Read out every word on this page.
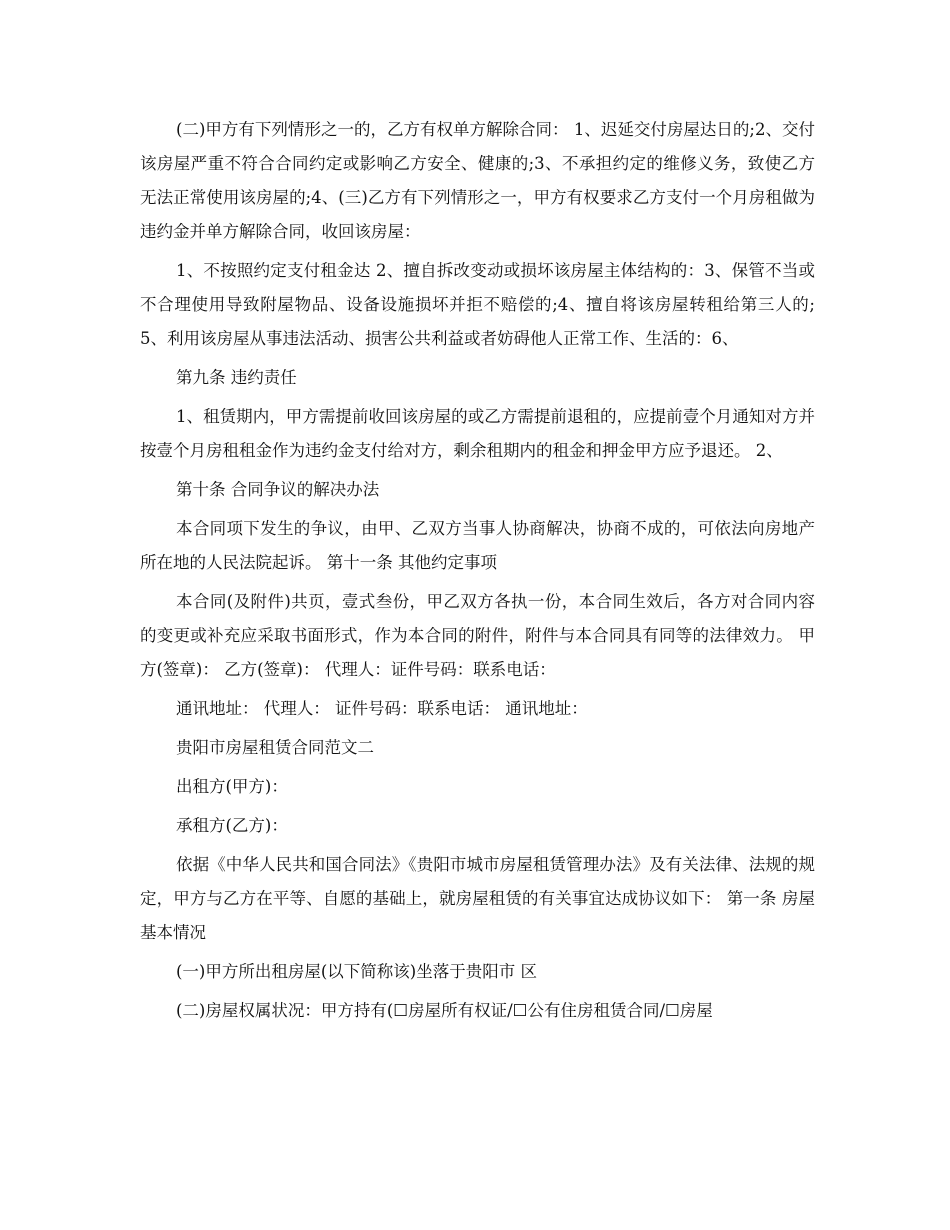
(二)甲方有下列情形之一的，乙方有权单方解除合同： 1、迟延交付房屋达日的;2、交付该房屋严重不符合合同约定或影响乙方安全、健康的;3、不承担约定的维修义务，致使乙方无法正常使用该房屋的;4、(三)乙方有下列情形之一，甲方有权要求乙方支付一个月房租做为违约金并单方解除合同，收回该房屋：

1、不按照约定支付租金达 2、擅自拆改变动或损坏该房屋主体结构的：3、保管不当或不合理使用导致附屋物品、设备设施损坏并拒不赔偿的;4、擅自将该房屋转租给第三人的;5、利用该房屋从事违法活动、损害公共利益或者妨碍他人正常工作、生活的：6、

第九条 违约责任

1、租赁期内，甲方需提前收回该房屋的或乙方需提前退租的，应提前壹个月通知对方并按壹个月房租租金作为违约金支付给对方，剩余租期内的租金和押金甲方应予退还。 2、

第十条 合同争议的解决办法

本合同项下发生的争议，由甲、乙双方当事人协商解决，协商不成的，可依法向房地产所在地的人民法院起诉。 第十一条 其他约定事项

本合同(及附件)共页，壹式叁份，甲乙双方各执一份，本合同生效后，各方对合同内容的变更或补充应采取书面形式，作为本合同的附件，附件与本合同具有同等的法律效力。 甲方(签章)： 乙方(签章)： 代理人：证件号码：联系电话：

通讯地址： 代理人： 证件号码：联系电话： 通讯地址：

贵阳市房屋租赁合同范文二

出租方(甲方)：

承租方(乙方)：

依据《中华人民共和国合同法》《贵阳市城市房屋租赁管理办法》及有关法律、法规的规定，甲方与乙方在平等、自愿的基础上，就房屋租赁的有关事宜达成协议如下： 第一条 房屋基本情况

(一)甲方所出租房屋(以下简称该)坐落于贵阳市 区

(二)房屋权属状况：甲方持有(☐房屋所有权证/☐公有住房租赁合同/☐房屋
